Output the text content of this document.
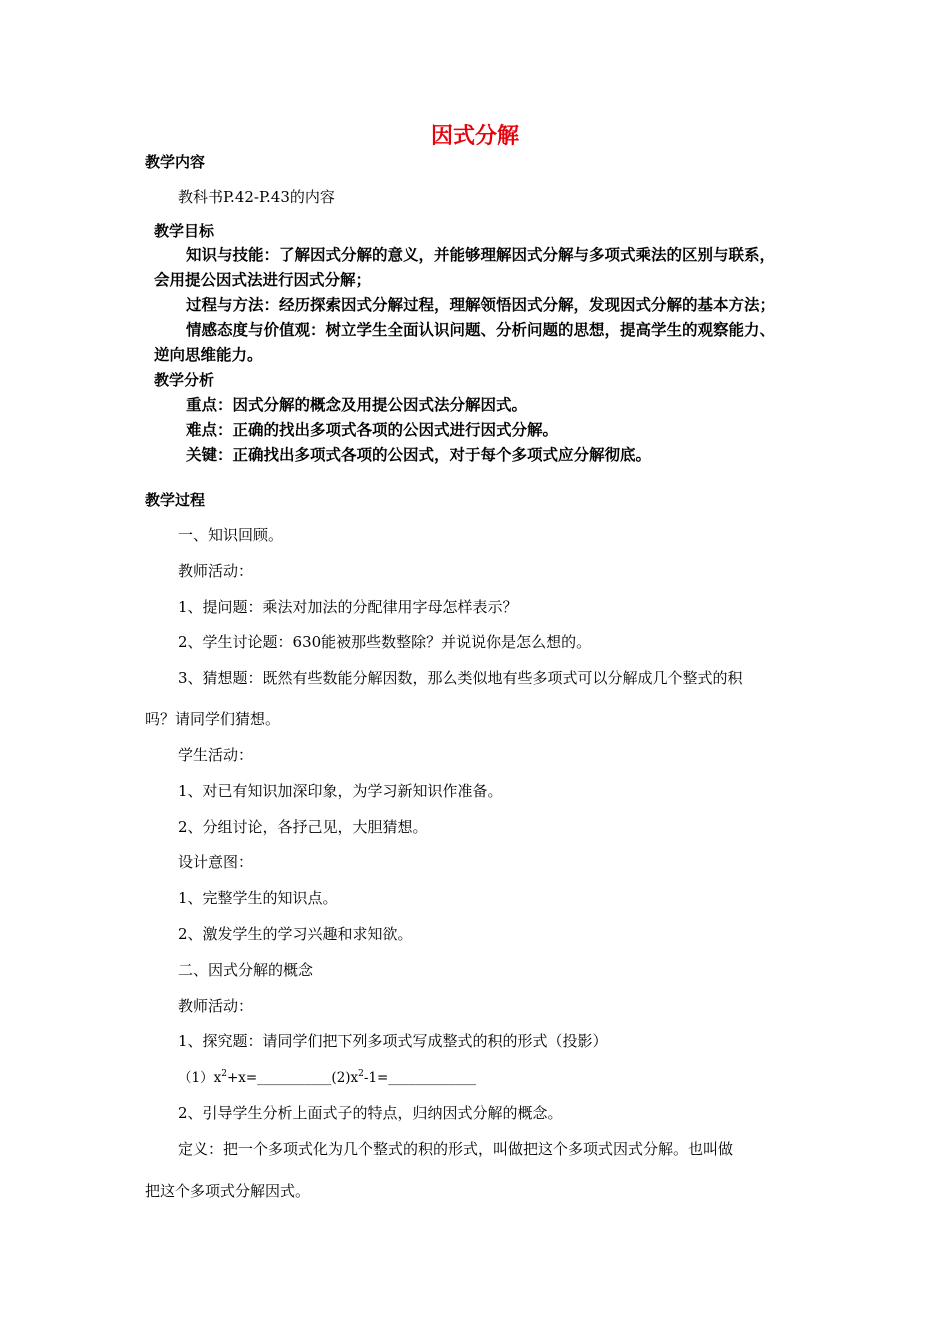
因式分解
教学内容
教科书P.42-P.43的内容
教学目标
知识与技能：了解因式分解的意义，并能够理解因式分解与多项式乘法的区别与联系，
会用提公因式法进行因式分解；
过程与方法：经历探索因式分解过程，理解领悟因式分解，发现因式分解的基本方法；
情感态度与价值观：树立学生全面认识问题、分析问题的思想，提高学生的观察能力、
逆向思维能力。
教学分析
重点：因式分解的概念及用提公因式法分解因式。
难点：正确的找出多项式各项的公因式进行因式分解。
关键：正确找出多项式各项的公因式，对于每个多项式应分解彻底。
教学过程
一、知识回顾。
教师活动：
1、提问题：乘法对加法的分配律用字母怎样表示？
2、学生讨论题：630能被那些数整除？并说说你是怎么想的。
3、猜想题：既然有些数能分解因数，那么类似地有些多项式可以分解成几个整式的积
吗？请同学们猜想。
学生活动：
1、对已有知识加深印象，为学习新知识作准备。
2、分组讨论，各抒己见，大胆猜想。
设计意图：
1、完整学生的知识点。
2、激发学生的学习兴趣和求知欲。
二、因式分解的概念
教师活动：
1、探究题：请同学们把下列多项式写成整式的积的形式（投影）
$(1)x^2+x=\_\_\_\_\_\_\_\_\_\_\_(2)x^2-1=\_\_\_\_\_\_\_\_\_\_\_\_\_$
2、引导学生分析上面式子的特点，归纳因式分解的概念。
定义：把一个多项式化为几个整式的积的形式，叫做把这个多项式因式分解。也叫做
把这个多项式分解因式。
